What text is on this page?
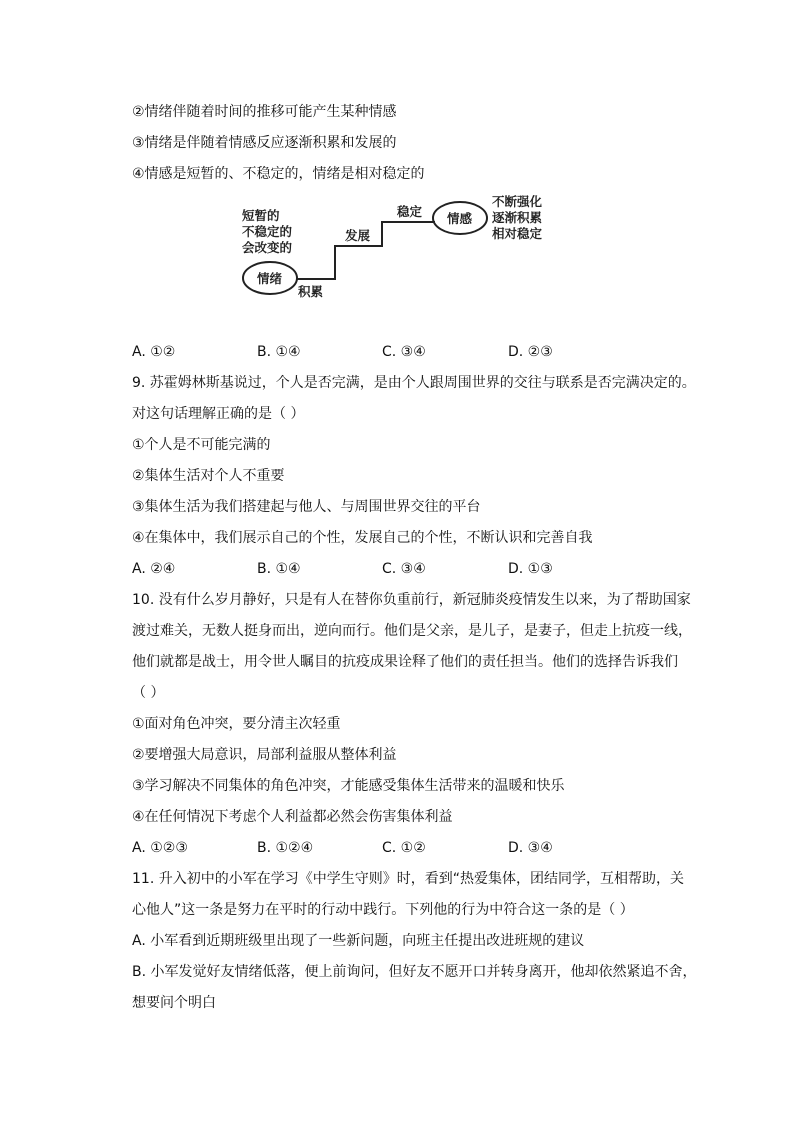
②情绪伴随着时间的推移可能产生某种情感
③情绪是伴随着情感反应逐渐积累和发展的
④情感是短暂的、不稳定的，情绪是相对稳定的
短暂的
不稳定的
会改变的
情绪
积累
发展
稳定 情感
不断强化
逐渐积累
相对稳定
A. ①②	B. ①④	C. ③④	D. ②③
9. 苏霍姆林斯基说过，个人是否完满，是由个人跟周围世界的交往与联系是否完满决定的。
对这句话理解正确的是（ ）
①个人是不可能完满的
②集体生活对个人不重要
③集体生活为我们搭建起与他人、与周围世界交往的平台
④在集体中，我们展示自己的个性，发展自己的个性，不断认识和完善自我
A. ②④	B. ①④	C. ③④	D. ①③
10. 没有什么岁月静好，只是有人在替你负重前行，新冠肺炎疫情发生以来，为了帮助国家
渡过难关，无数人挺身而出，逆向而行。他们是父亲，是儿子，是妻子，但走上抗疫一线，
他们就都是战士，用令世人瞩目的抗疫成果诠释了他们的责任担当。他们的选择告诉我们
（ ）
①面对角色冲突，要分清主次轻重
②要增强大局意识，局部利益服从整体利益
③学习解决不同集体的角色冲突，才能感受集体生活带来的温暖和快乐
④在任何情况下考虑个人利益都必然会伤害集体利益
A. ①②③	B. ①②④	C. ①②	D. ③④
11. 升入初中的小军在学习《中学生守则》时，看到“热爱集体，团结同学，互相帮助，关
心他人”这一条是努力在平时的行动中践行。下列他的行为中符合这一条的是（ ）
A. 小军看到近期班级里出现了一些新问题，向班主任提出改进班规的建议
B. 小军发觉好友情绪低落，便上前询问，但好友不愿开口并转身离开，他却依然紧追不舍，
想要问个明白
